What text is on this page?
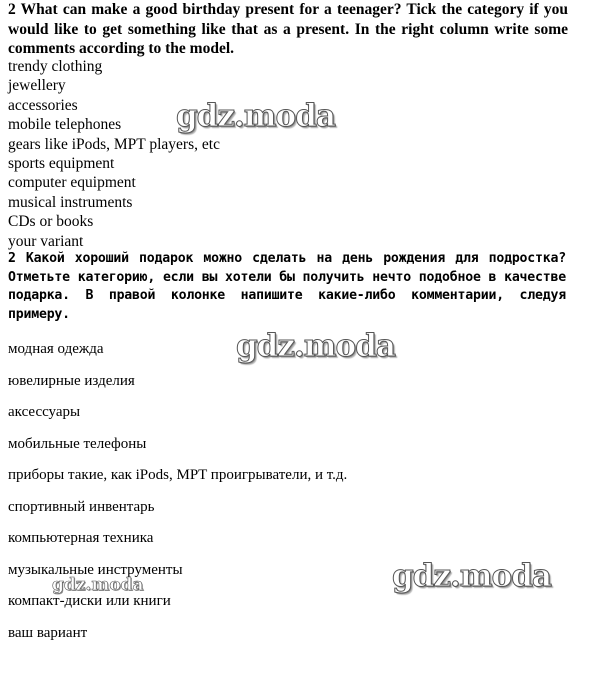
2 What can make a good birthday present for a teenager? Tick the category if you would like to get something like that as a present. In the right column write some comments according to the model.
trendy clothing
jewellery
accessories
mobile telephones
gears like iPods, MPT players, etc
sports equipment
computer equipment
musical instruments
CDs or books
your variant
2 Какой хороший подарок можно сделать на день рождения для подростка? Отметьте категорию, если вы хотели бы получить нечто подобное в качестве подарка. В правой колонке напишите какие-либо комментарии, следуя примеру.
модная одежда
ювелирные изделия
аксессуары
мобильные телефоны
приборы такие, как iPods, MPT проигрыватели, и т.д.
спортивный инвентарь
компьютерная техника
музыкальные инструменты
компакт-диски или книги
ваш вариант
gdz.moda
gdz.moda
gdz.moda
gdz.moda
